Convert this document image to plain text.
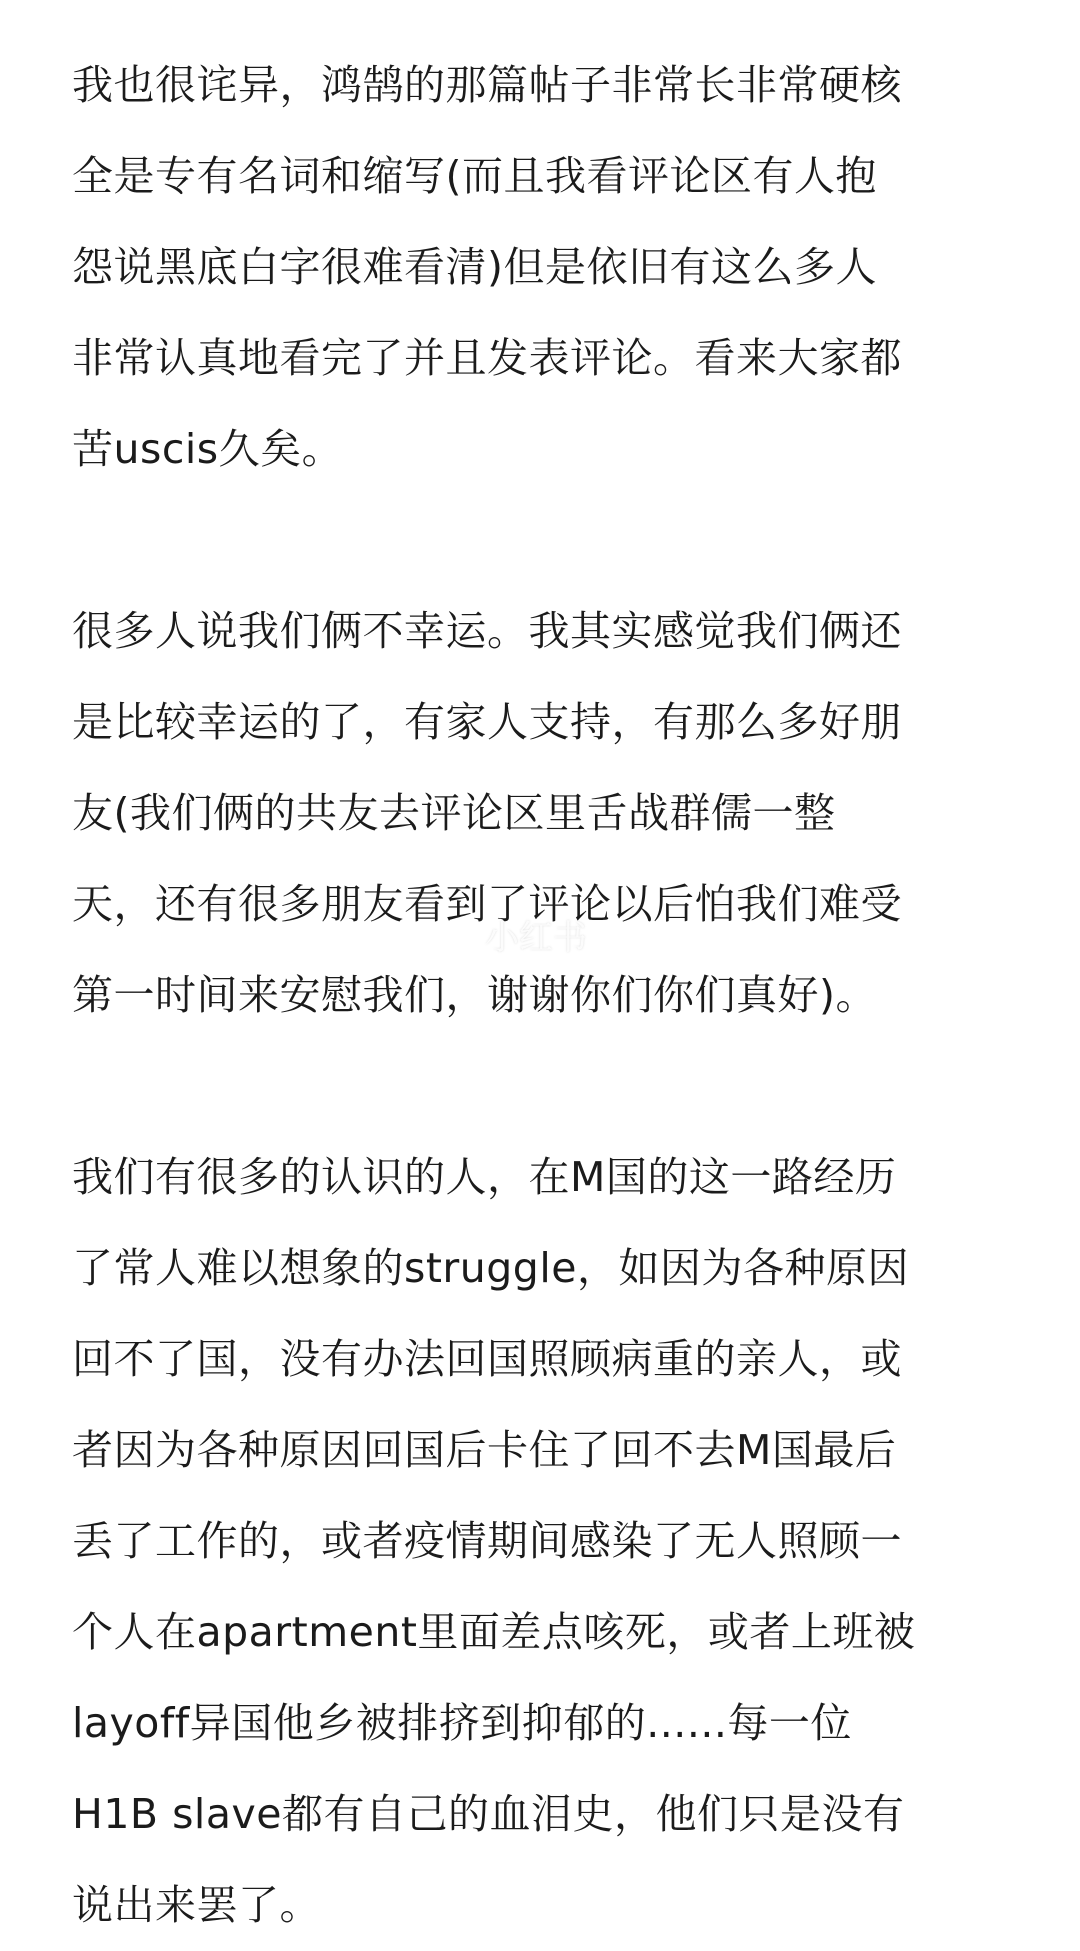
我也很诧异，鸿鹄的那篇帖子非常长非常硬核
全是专有名词和缩写(而且我看评论区有人抱
怨说黑底白字很难看清)但是依旧有这么多人
非常认真地看完了并且发表评论。看来大家都
苦uscis久矣。
很多人说我们俩不幸运。我其实感觉我们俩还
是比较幸运的了，有家人支持，有那么多好朋
友(我们俩的共友去评论区里舌战群儒一整
天，还有很多朋友看到了评论以后怕我们难受
第一时间来安慰我们，谢谢你们你们真好)。
我们有很多的认识的人，在M国的这一路经历
了常人难以想象的struggle，如因为各种原因
回不了国，没有办法回国照顾病重的亲人，或
者因为各种原因回国后卡住了回不去M国最后
丢了工作的，或者疫情期间感染了无人照顾一
个人在apartment里面差点咳死，或者上班被
layoff异国他乡被排挤到抑郁的......每一位
H1B slave都有自己的血泪史，他们只是没有
说出来罢了。
小红书
